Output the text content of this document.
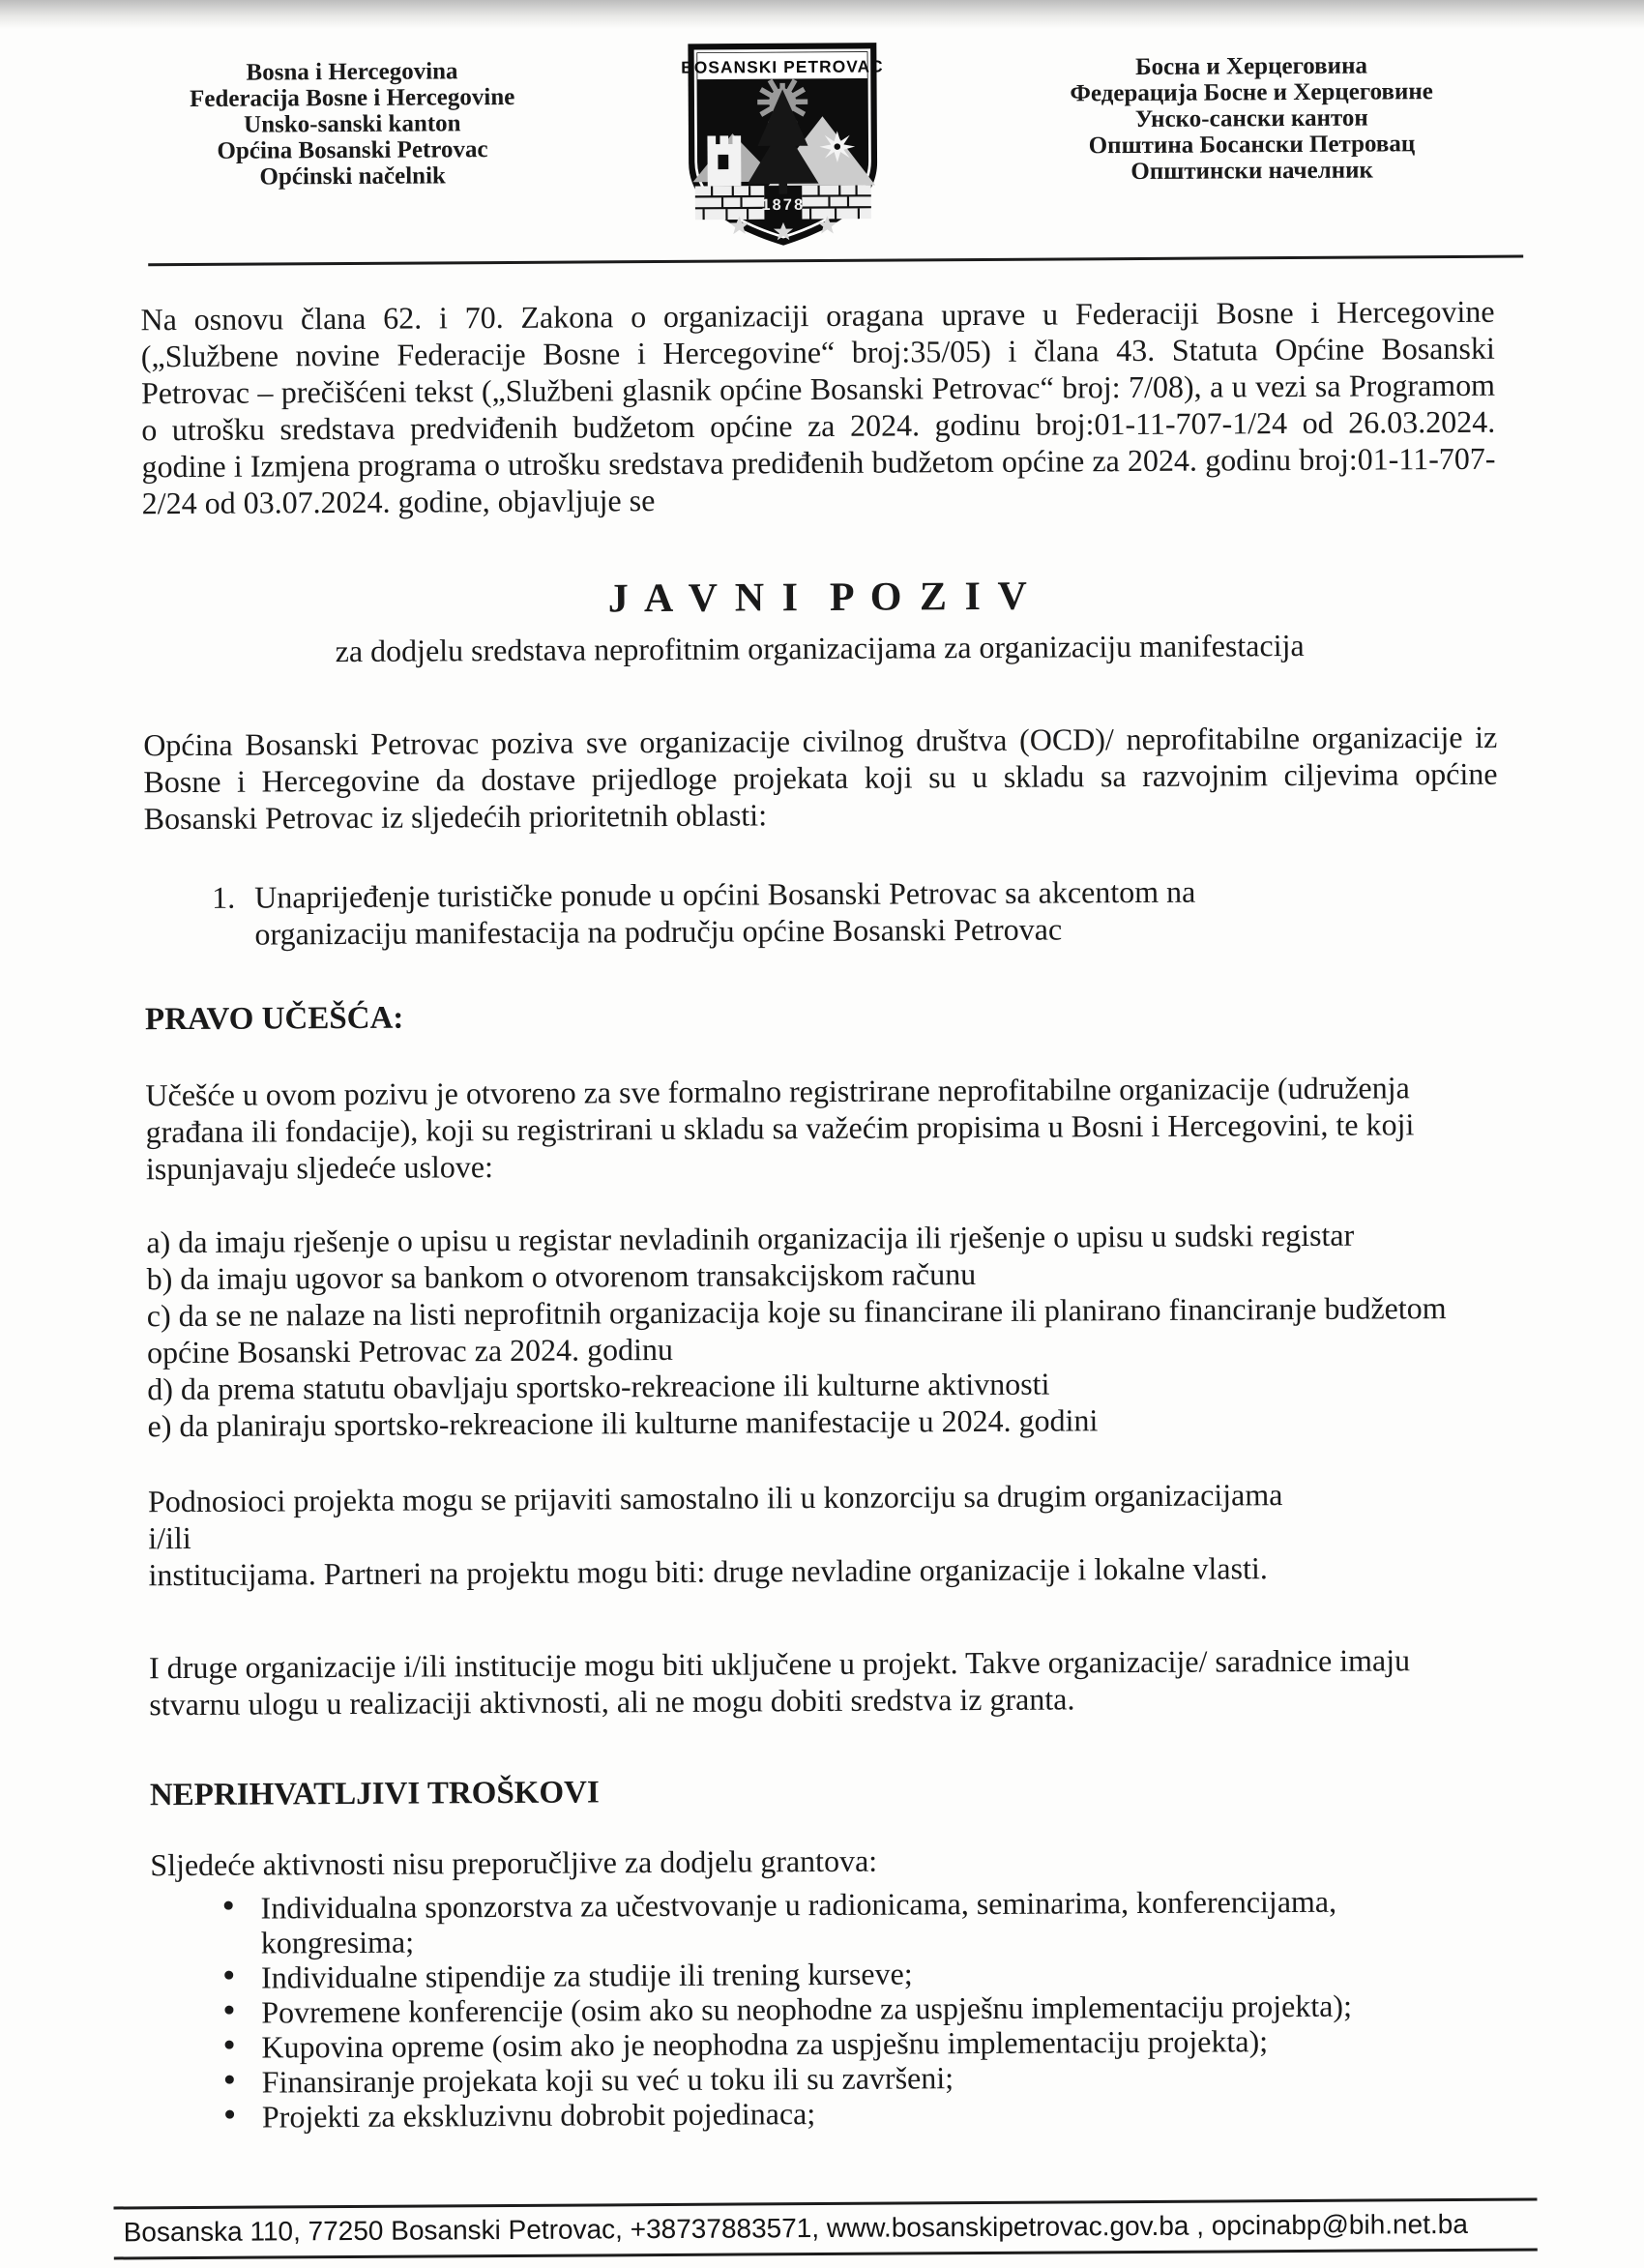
Bosna i Hercegovina
Federacija Bosne i Hercegovine
Unsko-sanski kanton
Općina Bosanski Petrovac
Općinski načelnik
BOSANSKI PETROVAC
1878
Босна и Херцеговина
Федерација Босне и Херцеговине
Унско-сански кантон
Општина Босански Петровац
Општински начелник

Na osnovu člana 62. i 70. Zakona o organizaciji oragana uprave u Federaciji Bosne i Hercegovine („Službene novine Federacije Bosne i Hercegovine“ broj:35/05) i člana 43. Statuta Općine Bosanski Petrovac – prečišćeni tekst („Službeni glasnik općine Bosanski Petrovac“ broj: 7/08), a u vezi sa Programom o utrošku sredstava predviđenih budžetom općine za 2024. godinu broj:01-11-707-1/24 od 26.03.2024. godine i Izmjena programa o utrošku sredstava prediđenih budžetom općine za 2024. godinu broj:01-11-707-2/24 od 03.07.2024. godine, objavljuje se

J A V N I  P O Z I V
za dodjelu sredstava neprofitnim organizacijama za organizaciju manifestacija

Općina Bosanski Petrovac poziva sve organizacije civilnog društva (OCD)/ neprofitabilne organizacije iz Bosne i Hercegovine da dostave prijedloge projekata koji su u skladu sa razvojnim ciljevima općine Bosanski Petrovac iz sljedećih prioritetnih oblasti:

1. Unaprijeđenje turističke ponude u općini Bosanski Petrovac sa akcentom na organizaciju manifestacija na području općine Bosanski Petrovac
PRAVO UČEŠĆA:

Učešće u ovom pozivu je otvoreno za sve formalno registrirane neprofitabilne organizacije (udruženja građana ili fondacije), koji su registrirani u skladu sa važećim propisima u Bosni i Hercegovini, te koji ispunjavaju sljedeće uslove:

a) da imaju rješenje o upisu u registar nevladinih organizacija ili rješenje o upisu u sudski registar
b) da imaju ugovor sa bankom o otvorenom transakcijskom računu
c) da se ne nalaze na listi neprofitnih organizacija koje su financirane ili planirano financiranje budžetom općine Bosanski Petrovac za 2024. godinu
d) da prema statutu obavljaju sportsko-rekreacione ili kulturne aktivnosti
e) da planiraju sportsko-rekreacione ili kulturne manifestacije u 2024. godini

Podnosioci projekta mogu se prijaviti samostalno ili u konzorciju sa drugim organizacijama
i/ili
institucijama. Partneri na projektu mogu biti: druge nevladine organizacije i lokalne vlasti.

I druge organizacije i/ili institucije mogu biti uključene u projekt. Takve organizacije/ saradnice imaju stvarnu ulogu u realizaciji aktivnosti, ali ne mogu dobiti sredstva iz granta.

NEPRIHVATLJIVI TROŠKOVI

Sljedeće aktivnosti nisu preporučljive za dodjelu grantova:

• Individualna sponzorstva za učestvovanje u radionicama, seminarima, konferencijama, kongresima;
• Individualne stipendije za studije ili trening kurseve;
• Povremene konferencije (osim ako su neophodne za uspješnu implementaciju projekta);
• Kupovina opreme (osim ako je neophodna za uspješnu implementaciju projekta);
• Finansiranje projekata koji su već u toku ili su završeni;
• Projekti za ekskluzivnu dobrobit pojedinaca;
Bosanska 110, 77250 Bosanski Petrovac, +38737883571, www.bosanskipetrovac.gov.ba , opcinabp@bih.net.ba
